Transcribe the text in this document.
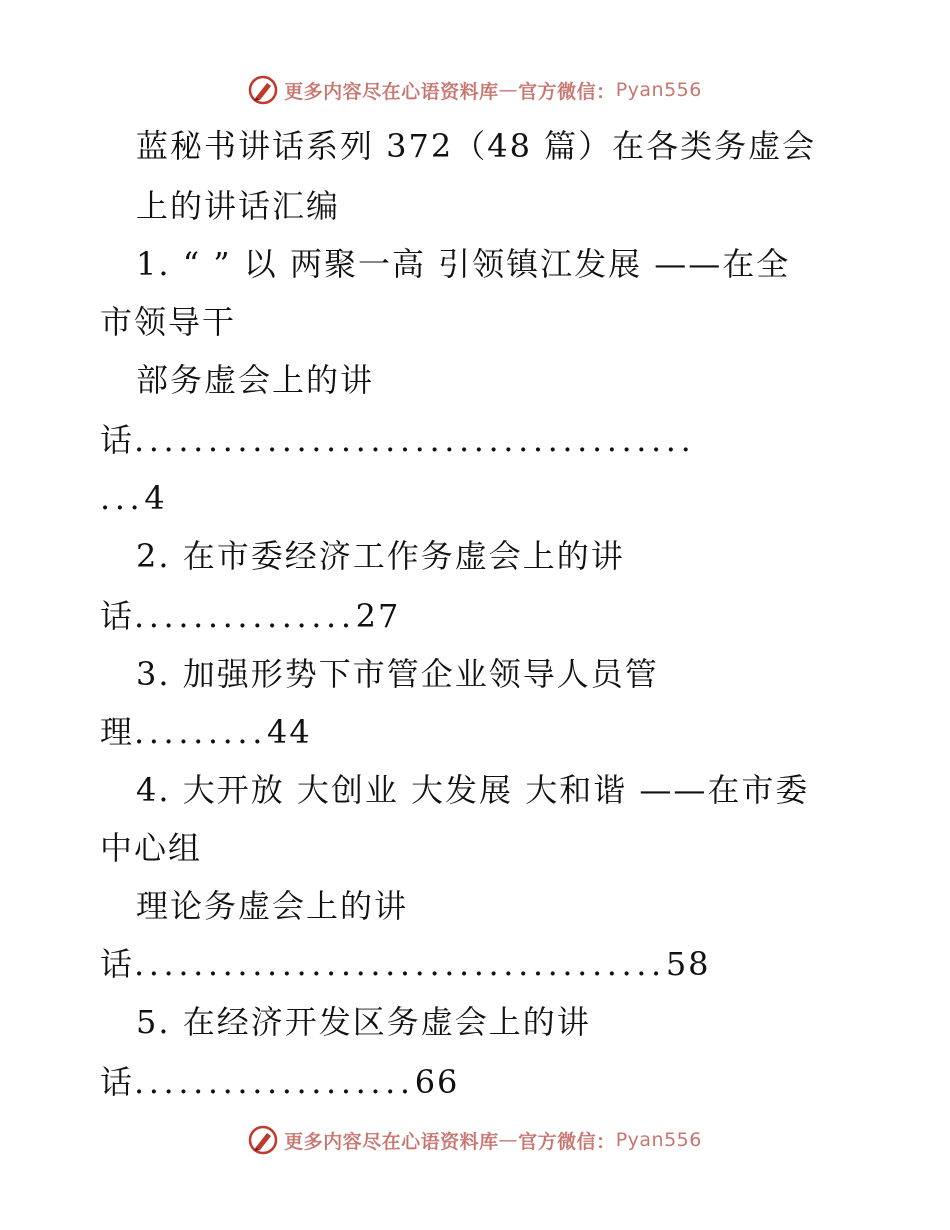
更多内容尽在心语资料库 — 官方微信： Pyan556
蓝秘书讲话系列 372（48 篇）在各类务虚会
上的讲话汇编
1. “ ” 以 两聚一高 引领镇江发展 ——在全
市领导干
部务虚会上的讲
话......................................
...4
2. 在市委经济工作务虚会上的讲
话...............27
3. 加强形势下市管企业领导人员管
理.........44
4. 大开放 大创业 大发展 大和谐 ——在市委
中心组
理论务虚会上的讲
话....................................58
5. 在经济开发区务虚会上的讲
话...................66
更多内容尽在心语资料库 — 官方微信： Pyan556
